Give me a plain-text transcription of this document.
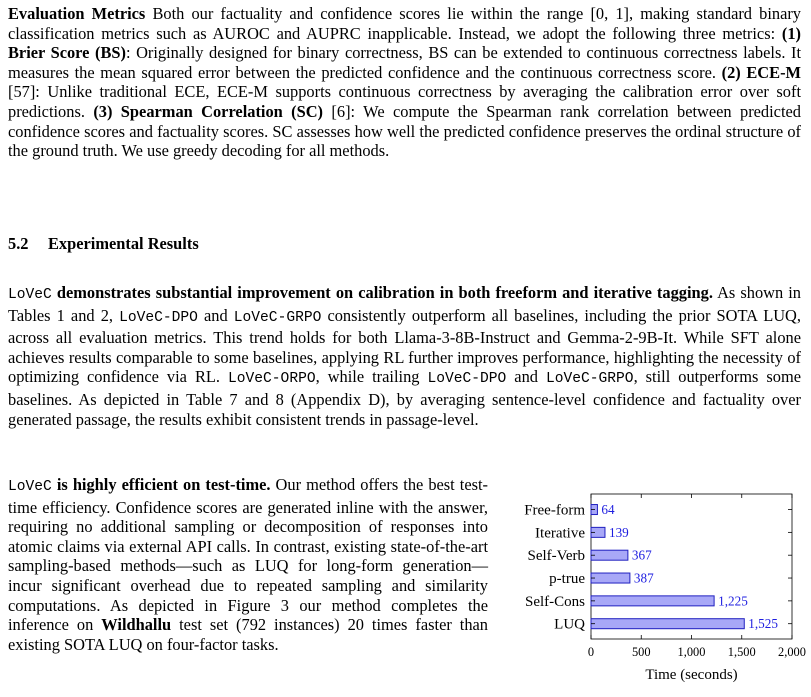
Evaluation Metrics Both our factuality and confidence scores lie within the range [0, 1], making standard binary classification metrics such as AUROC and AUPRC inapplicable. Instead, we adopt the following three metrics: (1) Brier Score (BS): Originally designed for binary correctness, BS can be extended to continuous correctness labels. It measures the mean squared error between the predicted confidence and the continuous correctness score. (2) ECE-M [57]: Unlike traditional ECE, ECE-M supports continuous correctness by averaging the calibration error over soft predictions. (3) Spearman Correlation (SC) [6]: We compute the Spearman rank correlation between predicted confidence scores and factuality scores. SC assesses how well the predicted confidence preserves the ordinal structure of the ground truth. We use greedy decoding for all methods.

5.2 Experimental Results

LoVeC demonstrates substantial improvement on calibration in both freeform and iterative tagging. As shown in Tables 1 and 2, LoVeC-DPO and LoVeC-GRPO consistently outperform all baselines, including the prior SOTA LUQ, across all evaluation metrics. This trend holds for both Llama-3-8B-Instruct and Gemma-2-9B-It. While SFT alone achieves results comparable to some baselines, applying RL further improves performance, highlighting the necessity of optimizing confidence via RL. LoVeC-ORPO, while trailing LoVeC-DPO and LoVeC-GRPO, still outperforms some baselines. As depicted in Table 7 and 8 (Appendix D), by averaging sentence-level confidence and factuality over generated passage, the results exhibit consistent trends in passage-level.

LoVeC is highly efficient on test-time. Our method offers the best test-time efficiency. Confidence scores are generated inline with the answer, requiring no additional sampling or decomposition of responses into atomic claims via external API calls. In contrast, existing state-of-the-art sampling-based methods—such as LUQ for long-form generation—incur significant overhead due to repeated sampling and similarity computations. As depicted in Figure 3 our method completes the inference on Wildhallu test set (792 instances) 20 times faster than existing SOTA LUQ on four-factor tasks.

Free-form 64
Iterative 139
Self-Verb	367
p-true	387
Self-Cons	1,225
LUQ	1,525
0	500 1,000 1,500 2,000
Time (seconds)
